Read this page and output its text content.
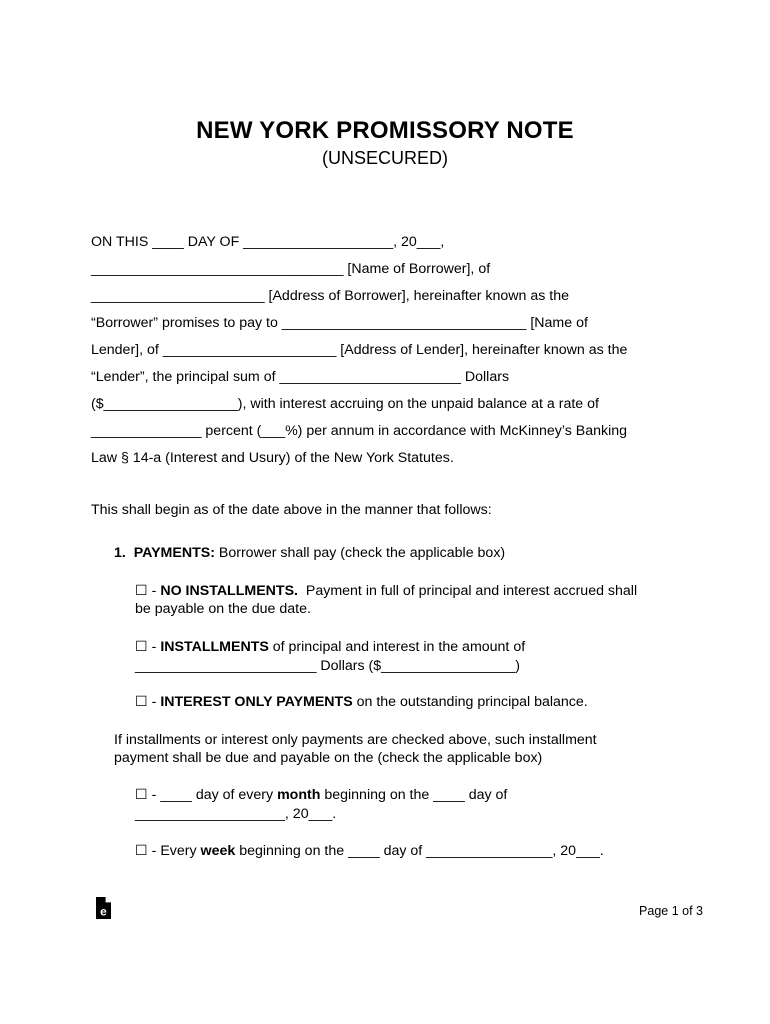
NEW YORK PROMISSORY NOTE
(UNSECURED)
ON THIS ____ DAY OF ___________________, 20___,
________________________________ [Name of Borrower], of
______________________ [Address of Borrower], hereinafter known as the
“Borrower” promises to pay to _______________________________ [Name of
Lender], of ______________________ [Address of Lender], hereinafter known as the
“Lender”, the principal sum of _______________________ Dollars
($_________________), with interest accruing on the unpaid balance at a rate of
______________ percent (___%) per annum in accordance with McKinney’s Banking
Law § 14-a (Interest and Usury) of the New York Statutes.
This shall begin as of the date above in the manner that follows:
1. PAYMENTS: Borrower shall pay (check the applicable box)
☐ - NO INSTALLMENTS.  Payment in full of principal and interest accrued shall
be payable on the due date.
☐ - INSTALLMENTS of principal and interest in the amount of
_______________________ Dollars ($_________________)
☐ - INTEREST ONLY PAYMENTS on the outstanding principal balance.
If installments or interest only payments are checked above, such installment
payment shall be due and payable on the (check the applicable box)
☐ - ____ day of every month beginning on the ____ day of
___________________, 20___.
☐ - Every week beginning on the ____ day of ________________, 20___.
e	Page 1 of 3
